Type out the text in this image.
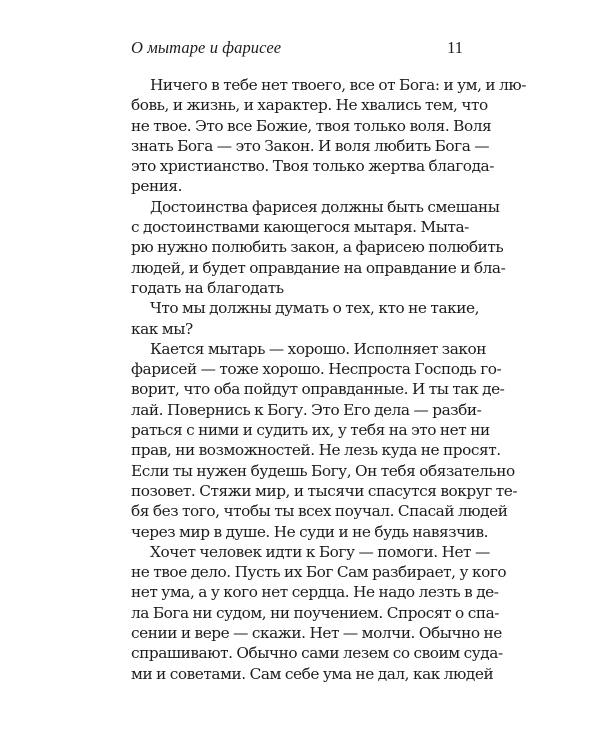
О мытаре и фарисее	11
Ничего в тебе нет твоего, все от Бога: и ум, и лю-
бовь, и жизнь, и характер. Не хвались тем, что
не твое. Это все Божие, твоя только воля. Воля
знать Бога — это Закон. И воля любить Бога —
это христианство. Твоя только жертва благода-
рения.
Достоинства фарисея должны быть смешаны
с достоинствами кающегося мытаря. Мыта-
рю нужно полюбить закон, а фарисею полюбить
людей, и будет оправдание на оправдание и бла-
годать на благодать
Что мы должны думать о тех, кто не такие,
как мы?
Кается мытарь — хорошо. Исполняет закон
фарисей — тоже хорошо. Неспроста Господь го-
ворит, что оба пойдут оправданные. И ты так де-
лай. Повернись к Богу. Это Его дела — разби-
раться с ними и судить их, у тебя на это нет ни
прав, ни возможностей. Не лезь куда не просят.
Если ты нужен будешь Богу, Он тебя обязательно
позовет. Стяжи мир, и тысячи спасутся вокруг те-
бя без того, чтобы ты всех поучал. Спасай людей
через мир в душе. Не суди и не будь навязчив.
Хочет человек идти к Богу — помоги. Нет —
не твое дело. Пусть их Бог Сам разбирает, у кого
нет ума, а у кого нет сердца. Не надо лезть в де-
ла Бога ни судом, ни поучением. Спросят о спа-
сении и вере — скажи. Нет — молчи. Обычно не
спрашивают. Обычно сами лезем со своим суда-
ми и советами. Сам себе ума не дал, как людей
